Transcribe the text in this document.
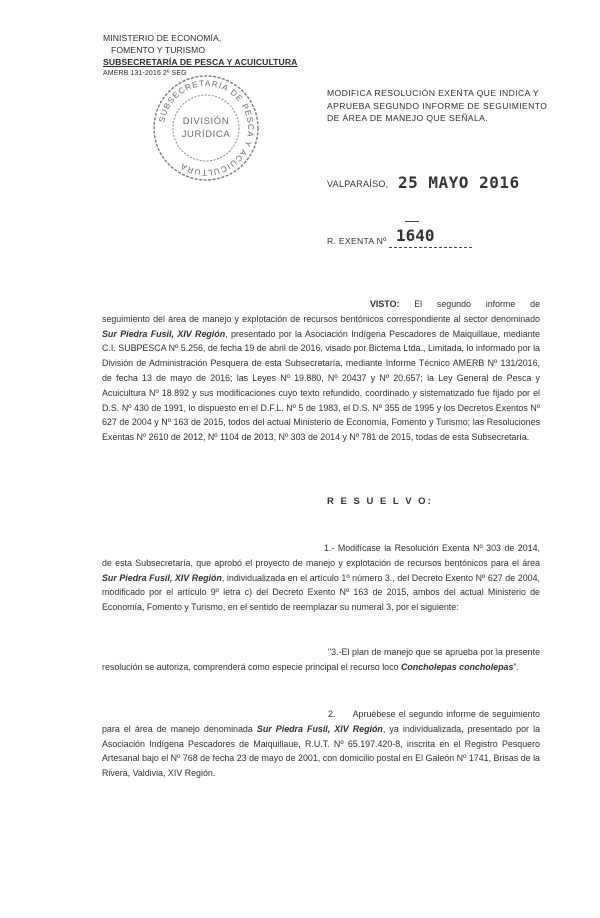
MINISTERIO DE ECONOMÍA,
FOMENTO Y TURISMO
SUBSECRETARÍA DE PESCA Y ACUICULTURA
AMERB 131-2016 2º SEG
SUBSECRETARÍA DE PESCA Y ACUICULTURA
DIVISIÓN
JURÍDICA
MODIFICA RESOLUCIÓN EXENTA QUE INDICA Y
APRUEBA SEGUNDO INFORME DE SEGUIMIENTO
DE ÁREA DE MANEJO QUE SEÑALA.
VALPARAÍSO, 25 MAYO 2016
R. EXENTA Nº 1640
VISTO: El segundo informe de seguimiento del área de manejo y explotación de recursos bentónicos correspondiente al sector denominado Sur Piedra Fusil, XIV Región, presentado por la Asociación Indígena Pescadores de Maiquillaue, mediante C.I. SUBPESCA Nº 5.256, de fecha 19 de abril de 2016, visado por Bictema Ltda., Limitada, lo informado por la División de Administración Pesquera de esta Subsecretaría, mediante Informe Técnico AMERB Nº 131/2016, de fecha 13 de mayo de 2016; las Leyes Nº 19.880, Nº 20437 y Nº 20.657; la Ley General de Pesca y Acuicultura Nº 18.892 y sus modificaciones cuyo texto refundido, coordinado y sistematizado fue fijado por el D.S. Nº 430 de 1991, lo dispuesto en el D.F.L. Nº 5 de 1983, el D.S. Nº 355 de 1995 y los Decretos Exentos Nº 627 de 2004 y Nº 163 de 2015, todos del actual Ministerio de Economía, Fomento y Turismo; las Resoluciones Exentas Nº 2610 de 2012, Nº 1104 de 2013, Nº 303 de 2014 y Nº 781 de 2015, todas de esta Subsecretaría.
R E S U E L V O:
1.- Modifícase la Resolución Exenta Nº 303 de 2014, de esta Subsecretaría, que aprobó el proyecto de manejo y explotación de recursos bentónicos para el área Sur Piedra Fusil, XIV Región, individualizada en el artículo 1º número 3., del Decreto Exento Nº 627 de 2004, modificado por el artículo 9º letra c) del Decreto Exento Nº 163 de 2015, ambos del actual Ministerio de Economía, Fomento y Turismo, en el sentido de reemplazar su numeral 3, por el siguiente:
"3.-El plan de manejo que se aprueba por la presente resolución se autoriza, comprenderá como especie principal el recurso loco Concholepas concholepas".
2. Apruébese el segundo informe de seguimiento para el área de manejo denominada Sur Piedra Fusil, XIV Región, ya individualizada, presentado por la Asociación Indígena Pescadores de Maiquillaue, R.U.T. Nº 65.197.420-8, inscrita en el Registro Pesquero Artesanal bajo el Nº 768 de fecha 23 de mayo de 2001, con domicilio postal en El Galeón Nº 1741, Brisas de la Rivera, Valdivia, XIV Región.
